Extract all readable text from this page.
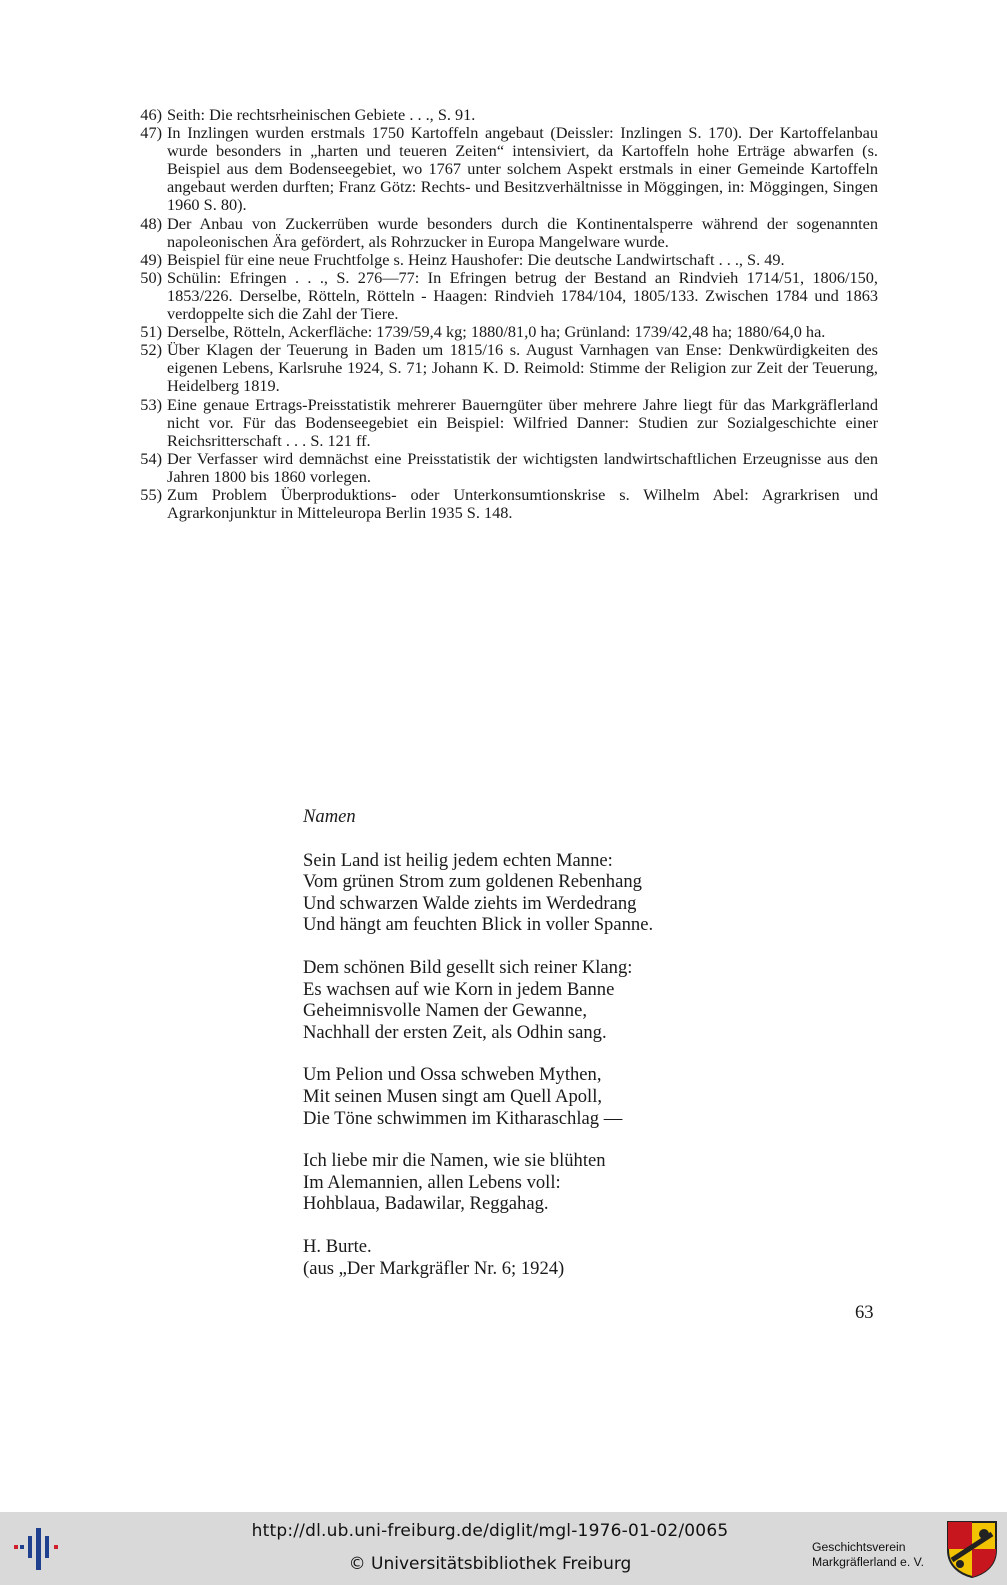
46) Seith: Die rechtsrheinischen Gebiete . . ., S. 91.

47) In Inzlingen wurden erstmals 1750 Kartoffeln angebaut (Deissler: Inzlingen S. 170). Der Kartoffelanbau wurde besonders in „harten und teueren Zeiten“ intensiviert, da Kartoffeln hohe Erträge abwarfen (s. Beispiel aus dem Bodenseegebiet, wo 1767 unter solchem Aspekt erstmals in einer Gemeinde Kartoffeln angebaut werden durften; Franz Götz: Rechts- und Besitzverhältnisse in Möggingen, in: Möggingen, Singen 1960 S. 80).

48) Der Anbau von Zuckerrüben wurde besonders durch die Kontinentalsperre während der sogenannten napoleonischen Ära gefördert, als Rohrzucker in Europa Mangelware wurde.

49) Beispiel für eine neue Fruchtfolge s. Heinz Haushofer: Die deutsche Landwirtschaft . . ., S. 49.

50) Schülin: Efringen . . ., S. 276—77: In Efringen betrug der Bestand an Rindvieh 1714/51, 1806/150, 1853/226. Derselbe, Rötteln, Rötteln - Haagen: Rindvieh 1784/104, 1805/133. Zwischen 1784 und 1863 verdoppelte sich die Zahl der Tiere.

51) Derselbe, Rötteln, Ackerfläche: 1739/59,4 kg; 1880/81,0 ha; Grünland: 1739/42,48 ha; 1880/64,0 ha.

52) Über Klagen der Teuerung in Baden um 1815/16 s. August Varnhagen van Ense: Denkwürdigkeiten des eigenen Lebens, Karlsruhe 1924, S. 71; Johann K. D. Reimold: Stimme der Religion zur Zeit der Teuerung, Heidelberg 1819.

53) Eine genaue Ertrags-Preisstatistik mehrerer Bauerngüter über mehrere Jahre liegt für das Markgräflerland nicht vor. Für das Bodenseegebiet ein Beispiel: Wilfried Danner: Studien zur Sozialgeschichte einer Reichsritterschaft . . . S. 121 ff.

54) Der Verfasser wird demnächst eine Preisstatistik der wichtigsten landwirtschaftlichen Erzeugnisse aus den Jahren 1800 bis 1860 vorlegen.

55) Zum Problem Überproduktions- oder Unterkonsumtionskrise s. Wilhelm Abel: Agrarkrisen und Agrarkonjunktur in Mitteleuropa Berlin 1935 S. 148.

Namen

Sein Land ist heilig jedem echten Manne:
Vom grünen Strom zum goldenen Rebenhang
Und schwarzen Walde ziehts im Werdedrang
Und hängt am feuchten Blick in voller Spanne.

Dem schönen Bild gesellt sich reiner Klang:
Es wachsen auf wie Korn in jedem Banne
Geheimnisvolle Namen der Gewanne,
Nachhall der ersten Zeit, als Odhin sang.

Um Pelion und Ossa schweben Mythen,
Mit seinen Musen singt am Quell Apoll,
Die Töne schwimmen im Kitharaschlag —

Ich liebe mir die Namen, wie sie blühten
Im Alemannien, allen Lebens voll:
Hohblaua, Badawilar, Reggahag.

H. Burte.
(aus „Der Markgräfler Nr. 6; 1924)

63
http://dl.ub.uni-freiburg.de/diglit/mgl-1976-01-02/0065
© Universitätsbibliothek Freiburg
Geschichtsverein
Markgräflerland e. V.
